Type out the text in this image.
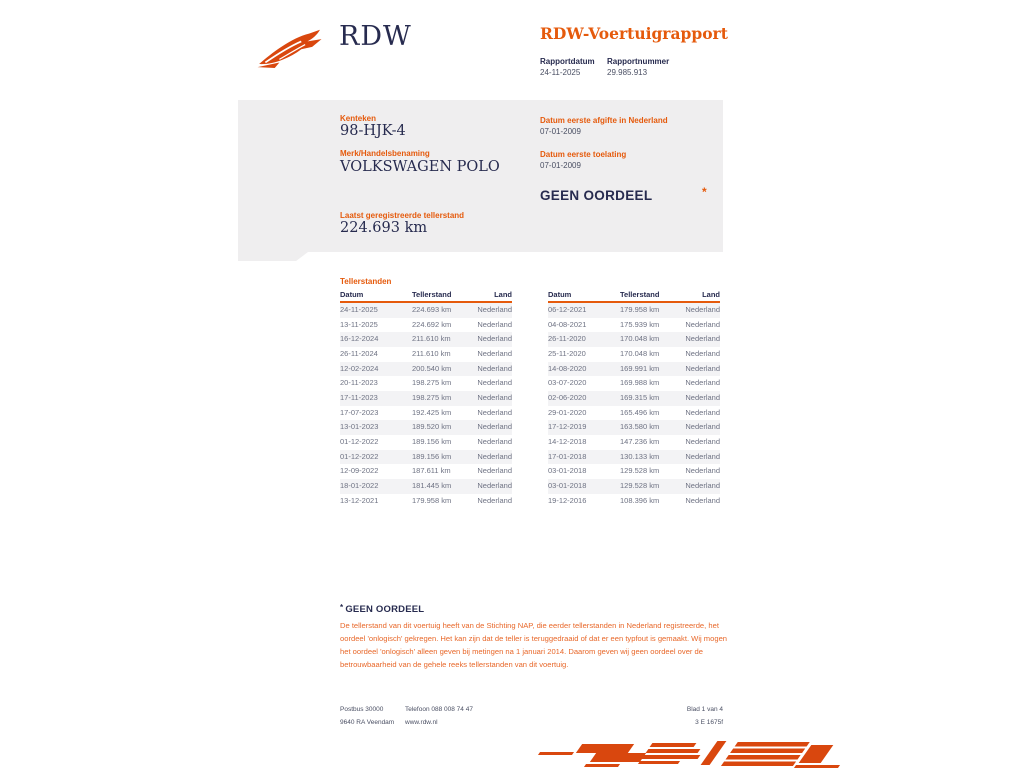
RDW	RDW-Voertuigrapport
Rapportdatum Rapportnummer
24-11-2025	29.985.913
Kenteken
98-HJK-4
Merk/Handelsbenaming
VOLKSWAGEN POLO
Laatst geregistreerde tellerstand
224.693 km
Datum eerste afgifte in Nederland
07-01-2009
Datum eerste toelating
07-01-2009
GEEN OORDEEL	*
Tellerstanden
Datum	Tellerstand	Land
24-11-2025	224.693 km	Nederland
13-11-2025	224.692 km	Nederland
16-12-2024	211.610 km	Nederland
26-11-2024	211.610 km	Nederland
12-02-2024	200.540 km	Nederland
20-11-2023	198.275 km	Nederland
17-11-2023	198.275 km	Nederland
17-07-2023	192.425 km	Nederland
13-01-2023	189.520 km	Nederland
01-12-2022	189.156 km	Nederland
01-12-2022	189.156 km	Nederland
12-09-2022	187.611 km	Nederland
18-01-2022	181.445 km	Nederland
13-12-2021	179.958 km	Nederland
Datum	Tellerstand	Land
06-12-2021	179.958 km	Nederland
04-08-2021	175.939 km	Nederland
26-11-2020	170.048 km	Nederland
25-11-2020	170.048 km	Nederland
14-08-2020	169.991 km	Nederland
03-07-2020	169.988 km	Nederland
02-06-2020	169.315 km	Nederland
29-01-2020	165.496 km	Nederland
17-12-2019	163.580 km	Nederland
14-12-2018	147.236 km	Nederland
17-01-2018	130.133 km	Nederland
03-01-2018	129.528 km	Nederland
03-01-2018	129.528 km	Nederland
19-12-2016	108.396 km	Nederland
* GEEN OORDEEL
De tellerstand van dit voertuig heeft van de Stichting NAP, die eerder tellerstanden in Nederland registreerde, het oordeel 'onlogisch' gekregen. Het kan zijn dat de teller is teruggedraaid of dat er een typfout is gemaakt. Wij mogen het oordeel 'onlogisch' alleen geven bij metingen na 1 januari 2014. Daarom geven wij geen oordeel over de betrouwbaarheid van de gehele reeks tellerstanden van dit voertuig.
Postbus 30000
9640 RA Veendam
Telefoon 088 008 74 47
www.rdw.nl
Blad 1 van 4
3 E 1675f
